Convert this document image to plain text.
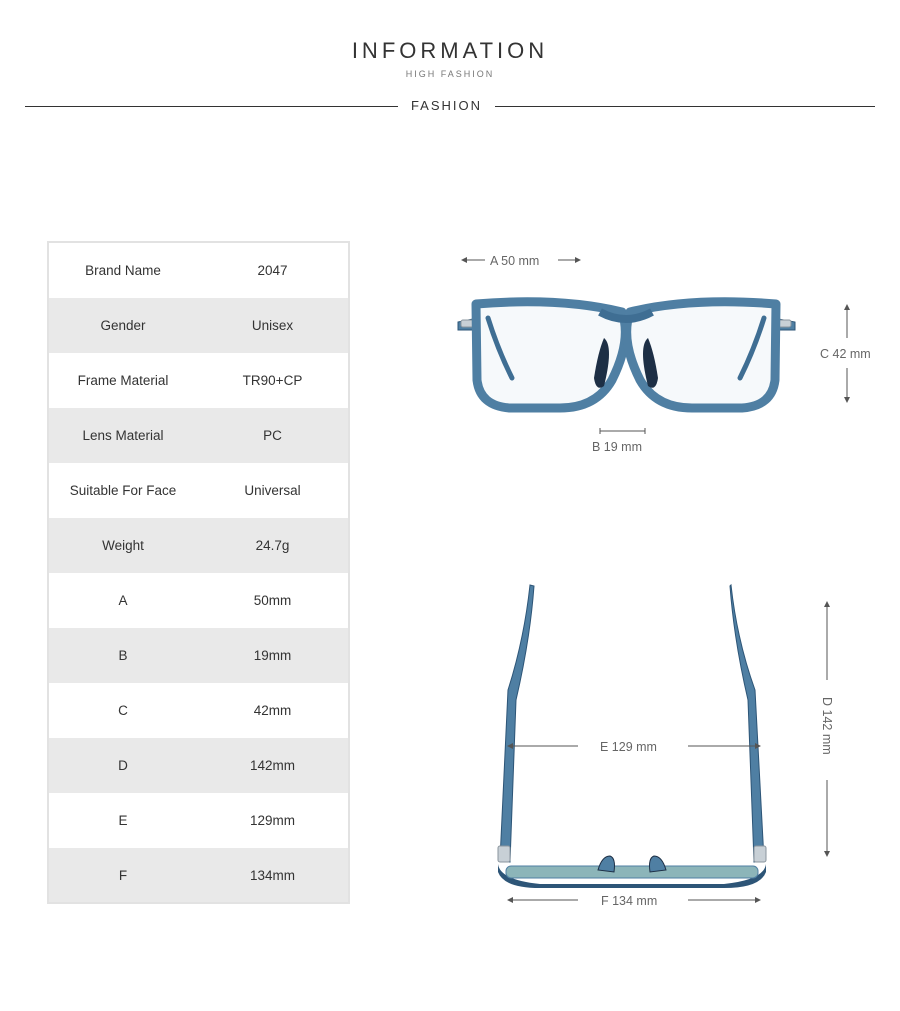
INFORMATION
HIGH FASHION
FASHION
Brand Name	2047
Gender	Unisex
Frame Material	TR90+CP
Lens Material	PC
Suitable For Face	Universal
Weight	24.7g
A	50mm
B	19mm
C	42mm
D	142mm
E	129mm
F	134mm
A 50 mm
B 19 mm
C 42 mm
E 129 mm
F 134 mm
D 142 mm
